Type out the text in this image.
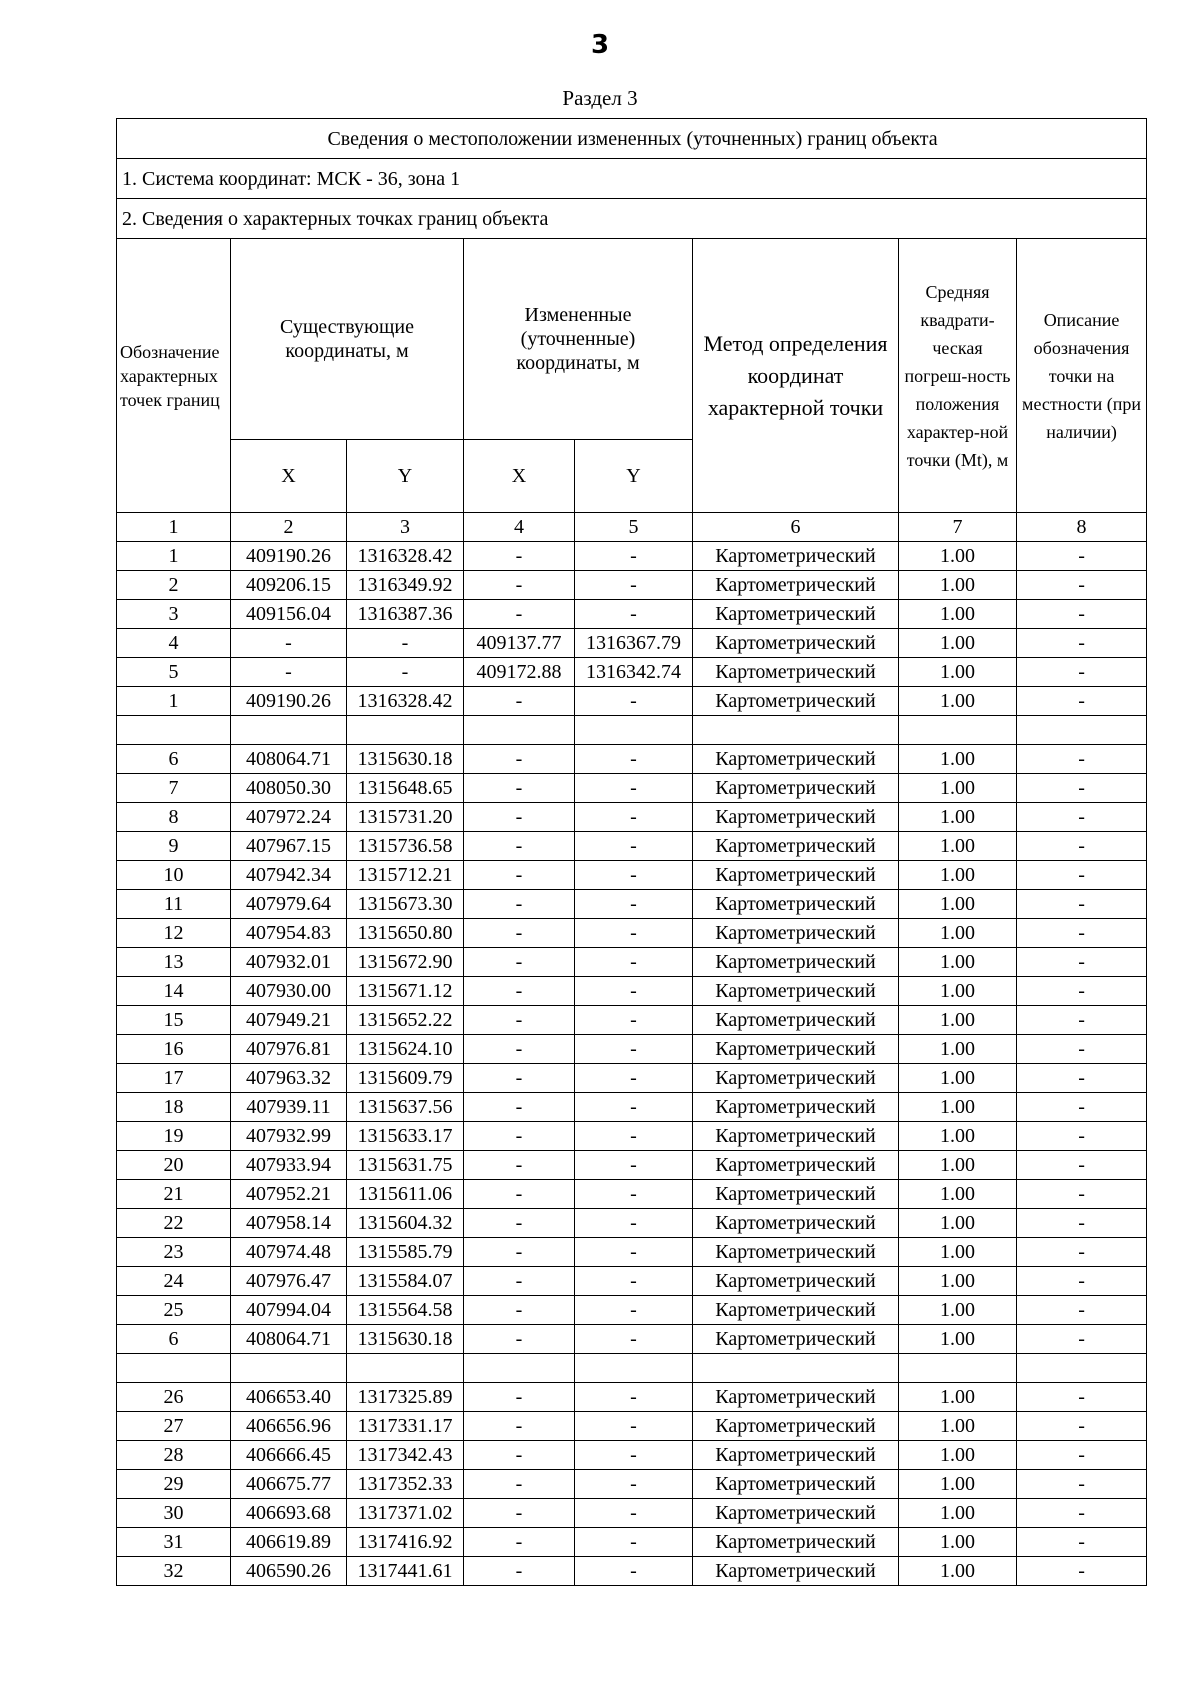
3
Раздел 3
Сведения о местоположении измененных (уточненных) границ объекта							
1. Система координат: МСК - 36, зона 1							
2. Сведения о характерных точках границ объекта							
Обозначение характерных точек границ	Существующие координаты, м		Измененные (уточненные) координаты, м		Метод определения координат характерной точки	Средняя квадрати-ческая погреш-ность положения характер-ной точки (Mt), м	Описание обозначения точки на местности (при наличии)
	X	Y	X	Y			
1	2	3	4	5	6	7	8
1	409190.26	1316328.42	-	-	Картометрический	1.00	-
2	409206.15	1316349.92	-	-	Картометрический	1.00	-
3	409156.04	1316387.36	-	-	Картометрический	1.00	-
4	-	-	409137.77	1316367.79	Картометрический	1.00	-
5	-	-	409172.88	1316342.74	Картометрический	1.00	-
1	409190.26	1316328.42	-	-	Картометрический	1.00	-

6	408064.71	1315630.18	-	-	Картометрический	1.00	-
7	408050.30	1315648.65	-	-	Картометрический	1.00	-
8	407972.24	1315731.20	-	-	Картометрический	1.00	-
9	407967.15	1315736.58	-	-	Картометрический	1.00	-
10	407942.34	1315712.21	-	-	Картометрический	1.00	-
11	407979.64	1315673.30	-	-	Картометрический	1.00	-
12	407954.83	1315650.80	-	-	Картометрический	1.00	-
13	407932.01	1315672.90	-	-	Картометрический	1.00	-
14	407930.00	1315671.12	-	-	Картометрический	1.00	-
15	407949.21	1315652.22	-	-	Картометрический	1.00	-
16	407976.81	1315624.10	-	-	Картометрический	1.00	-
17	407963.32	1315609.79	-	-	Картометрический	1.00	-
18	407939.11	1315637.56	-	-	Картометрический	1.00	-
19	407932.99	1315633.17	-	-	Картометрический	1.00	-
20	407933.94	1315631.75	-	-	Картометрический	1.00	-
21	407952.21	1315611.06	-	-	Картометрический	1.00	-
22	407958.14	1315604.32	-	-	Картометрический	1.00	-
23	407974.48	1315585.79	-	-	Картометрический	1.00	-
24	407976.47	1315584.07	-	-	Картометрический	1.00	-
25	407994.04	1315564.58	-	-	Картометрический	1.00	-
6	408064.71	1315630.18	-	-	Картометрический	1.00	-

26	406653.40	1317325.89	-	-	Картометрический	1.00	-
27	406656.96	1317331.17	-	-	Картометрический	1.00	-
28	406666.45	1317342.43	-	-	Картометрический	1.00	-
29	406675.77	1317352.33	-	-	Картометрический	1.00	-
30	406693.68	1317371.02	-	-	Картометрический	1.00	-
31	406619.89	1317416.92	-	-	Картометрический	1.00	-
32	406590.26	1317441.61	-	-	Картометрический	1.00	-
